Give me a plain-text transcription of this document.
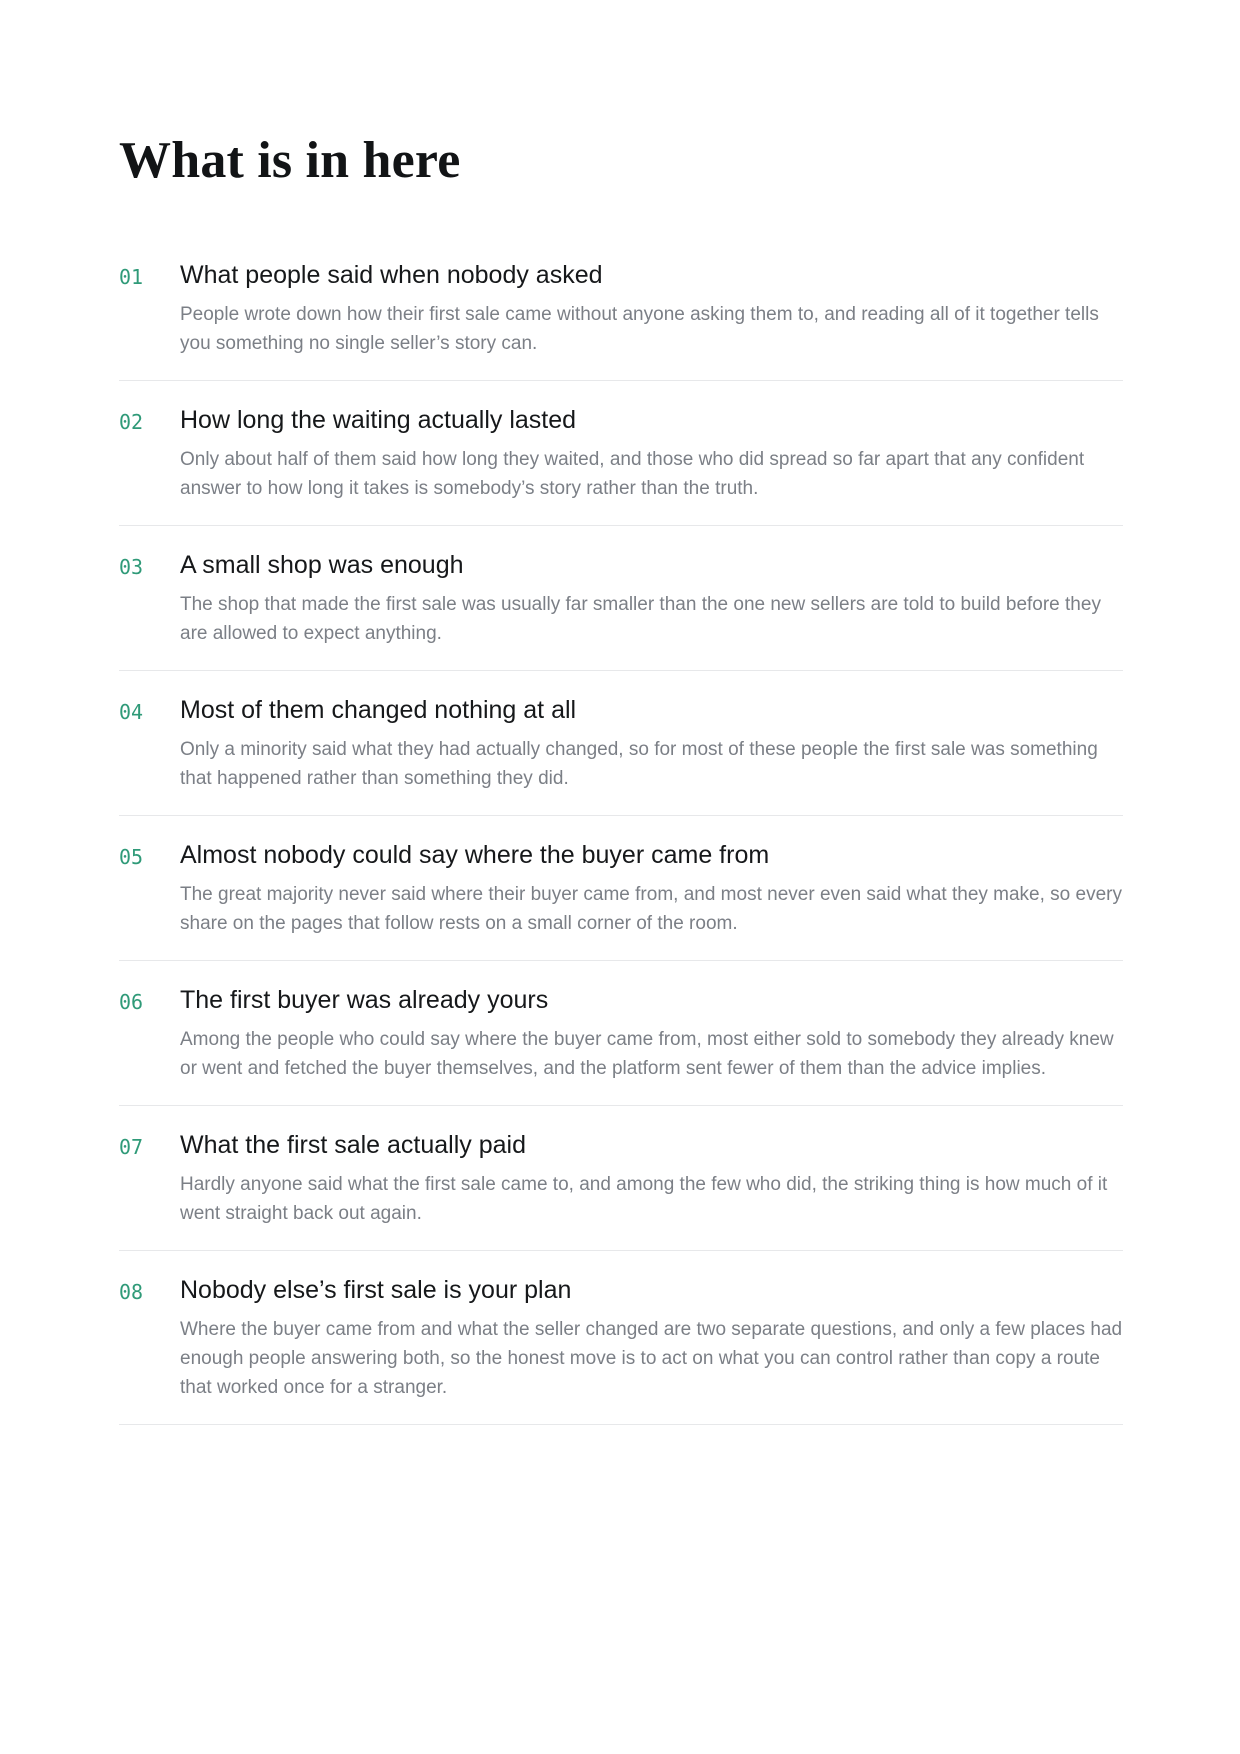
What is in here
01	What people said when nobody asked

People wrote down how their first sale came without anyone asking them to, and reading all of it together tells you something no single seller’s story can.

02	How long the waiting actually lasted

Only about half of them said how long they waited, and those who did spread so far apart that any confident answer to how long it takes is somebody’s story rather than the truth.

03	A small shop was enough

The shop that made the first sale was usually far smaller than the one new sellers are told to build before they are allowed to expect anything.

04	Most of them changed nothing at all

Only a minority said what they had actually changed, so for most of these people the first sale was something that happened rather than something they did.

05	Almost nobody could say where the buyer came from

The great majority never said where their buyer came from, and most never even said what they make, so every share on the pages that follow rests on a small corner of the room.

06	The first buyer was already yours

Among the people who could say where the buyer came from, most either sold to somebody they already knew or went and fetched the buyer themselves, and the platform sent fewer of them than the advice implies.

07	What the first sale actually paid

Hardly anyone said what the first sale came to, and among the few who did, the striking thing is how much of it went straight back out again.

08	Nobody else’s first sale is your plan

Where the buyer came from and what the seller changed are two separate questions, and only a few places had enough people answering both, so the honest move is to act on what you can control rather than copy a route that worked once for a stranger.
